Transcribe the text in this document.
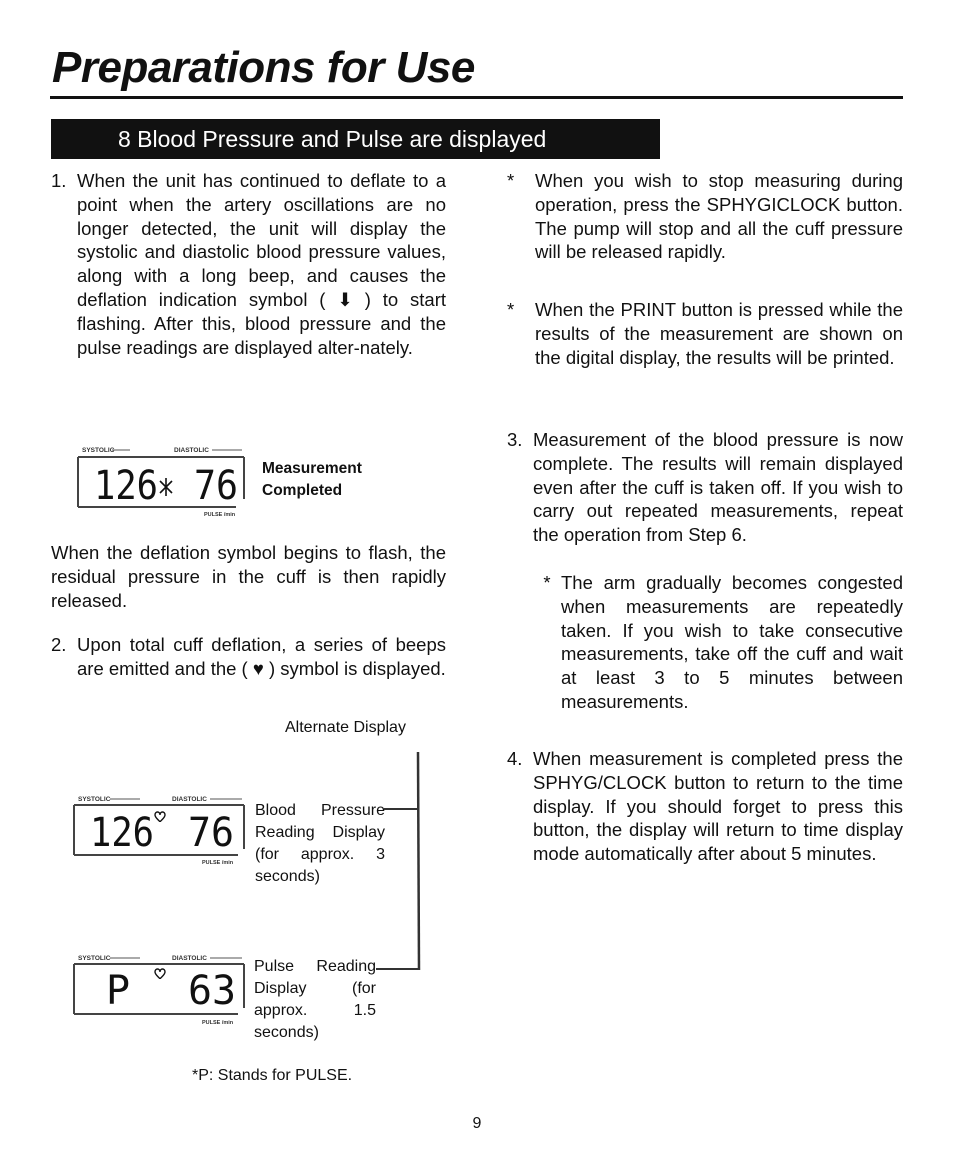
Preparations for Use
8 Blood Pressure and Pulse are displayed
1. When the unit has continued to deflate to a point when the artery oscillations are no longer detected, the unit will display the systolic and diastolic blood pressure values, along with a long beep, and causes the deflation indication symbol ( ⬇ ) to start flashing. After this, blood pressure and the pulse readings are displayed alter-nately.
SYSTOLIC	DIASTOLIC
126 76
PULSE /min
Measurement
Completed
When the deflation symbol begins to flash, the residual pressure in the cuff is then rapidly released.
2. Upon total cuff deflation, a series of beeps are emitted and the ( ♥ ) symbol is displayed.
Alternate Display
SYSTOLIC	DIASTOLIC
126 76
PULSE /min
Blood Pressure Reading Display (for approx. 3 seconds)
SYSTOLIC	DIASTOLIC
P 63
PULSE /min
Pulse Reading Display (for approx. 1.5 seconds)
*P: Stands for PULSE.
*	When you wish to stop measuring during operation, press the SPHYGICLOCK button. The pump will stop and all the cuff pressure will be released rapidly.
*	When the PRINT button is pressed while the results of the measurement are shown on the digital display, the results will be printed.
3. Measurement of the blood pressure is now complete. The results will remain displayed even after the cuff is taken off. If you wish to carry out repeated measurements, repeat the operation from Step 6.
* The arm gradually becomes congested when measurements are repeatedly taken. If you wish to take consecutive measurements, take off the cuff and wait at least 3 to 5 minutes between measurements.
4. When measurement is completed press the SPHYG/CLOCK button to return to the time display. If you should forget to press this button, the display will return to time display mode automatically after about 5 minutes.
9
